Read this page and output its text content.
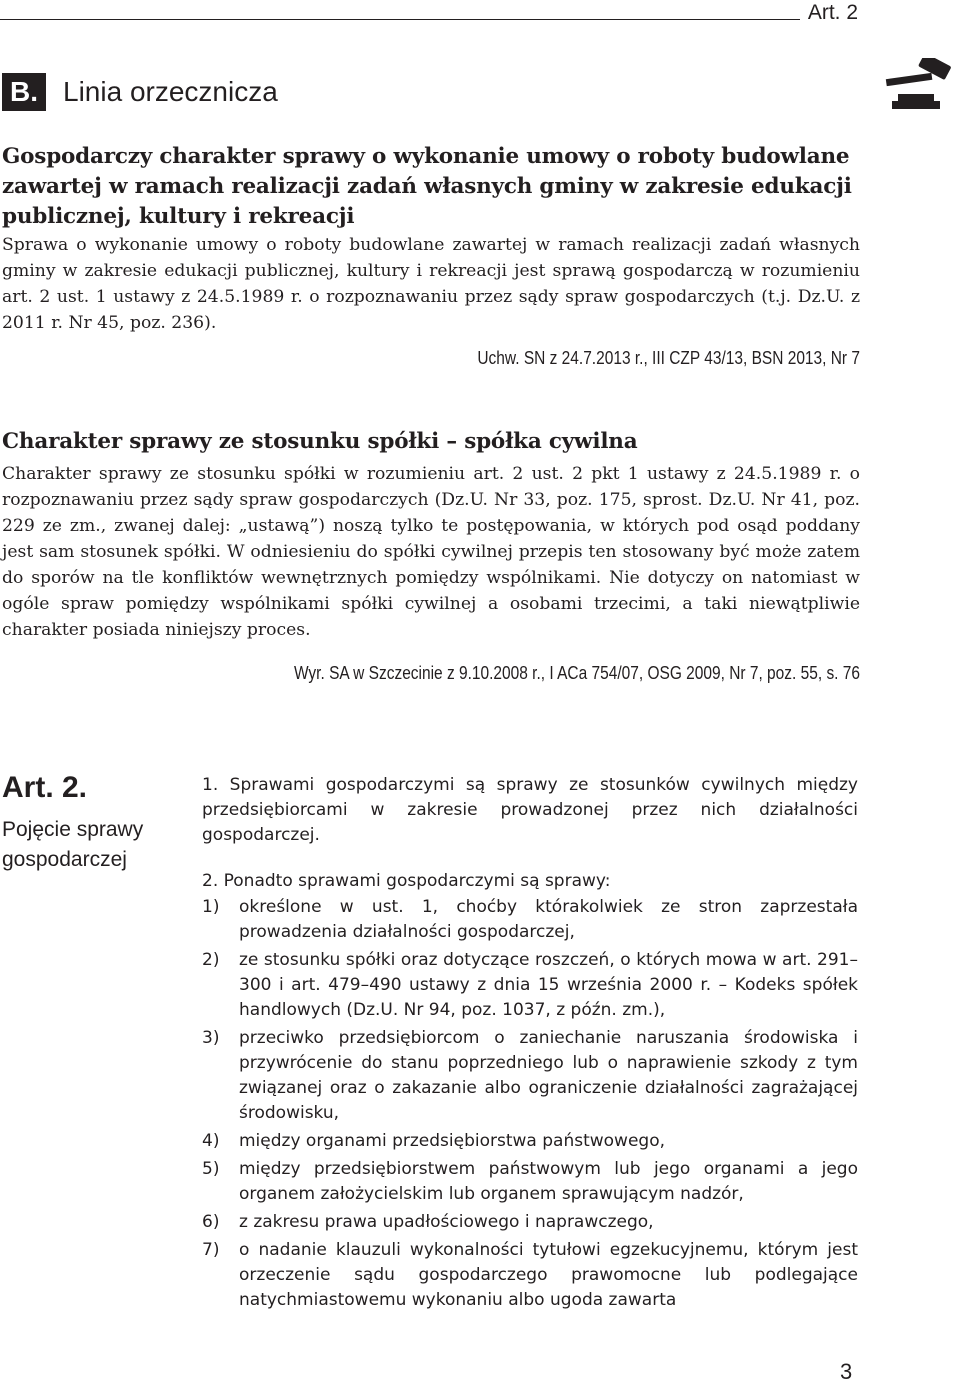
Art. 2
B. Linia orzecznicza
Gospodarczy charakter sprawy o wykonanie umowy o roboty budowlane zawartej w ramach realizacji zadań własnych gminy w zakresie edukacji publicznej, kultury i rekreacji
Sprawa o wykonanie umowy o roboty budowlane zawartej w ramach realizacji zadań własnych gminy w zakresie edukacji publicznej, kultury i rekreacji jest sprawą gospodarczą w rozumieniu art. 2 ust. 1 ustawy z 24.5.1989 r. o rozpoznawaniu przez sądy spraw gospodarczych (t.j. Dz.U. z 2011 r. Nr 45, poz. 236).
Uchw. SN z 24.7.2013 r., III CZP 43/13, BSN 2013, Nr 7
Charakter sprawy ze stosunku spółki – spółka cywilna
Charakter sprawy ze stosunku spółki w rozumieniu art. 2 ust. 2 pkt 1 ustawy z 24.5.1989 r. o rozpoznawaniu przez sądy spraw gospodarczych (Dz.U. Nr 33, poz. 175, sprost. Dz.U. Nr 41, poz. 229 ze zm., zwanej dalej: „ustawą”) noszą tylko te postępowania, w których pod osąd poddany jest sam stosunek spółki. W odniesieniu do spółki cywilnej przepis ten stosowany być może zatem do sporów na tle konfliktów wewnętrznych pomiędzy wspólnikami. Nie dotyczy on natomiast w ogóle spraw pomiędzy wspólnikami spółki cywilnej a osobami trzecimi, a taki niewątpliwie charakter posiada niniejszy proces.
Wyr. SA w Szczecinie z 9.10.2008 r., I ACa 754/07, OSG 2009, Nr 7, poz. 55, s. 76
Art. 2.
Pojęcie sprawy gospodarczej

1. Sprawami gospodarczymi są sprawy ze stosunków cywilnych między przedsiębiorcami w zakresie prowadzonej przez nich działalności gospodarczej.

2. Ponadto sprawami gospodarczymi są sprawy:

1)	określone w ust. 1, choćby którakolwiek ze stron zaprzestała prowadzenia działalności gospodarczej,
2)	ze stosunku spółki oraz dotyczące roszczeń, o których mowa w art. 291–300 i art. 479–490 ustawy z dnia 15 września 2000 r. – Kodeks spółek handlowych (Dz.U. Nr 94, poz. 1037, z późn. zm.),
3)	przeciwko przedsiębiorcom o zaniechanie naruszania środowiska i przywrócenie do stanu poprzedniego lub o naprawienie szkody z tym związanej oraz o zakazanie albo ograniczenie działalności zagrażającej środowisku,
4)	między organami przedsiębiorstwa państwowego,
5)	między przedsiębiorstwem państwowym lub jego organami a jego organem założycielskim lub organem sprawującym nadzór,
6)	z zakresu prawa upadłościowego i naprawczego,
7)	o nadanie klauzuli wykonalności tytułowi egzekucyjnemu, którym jest orzeczenie sądu gospodarczego prawomocne lub podlegające natychmiastowemu wykonaniu albo ugoda zawarta
3
